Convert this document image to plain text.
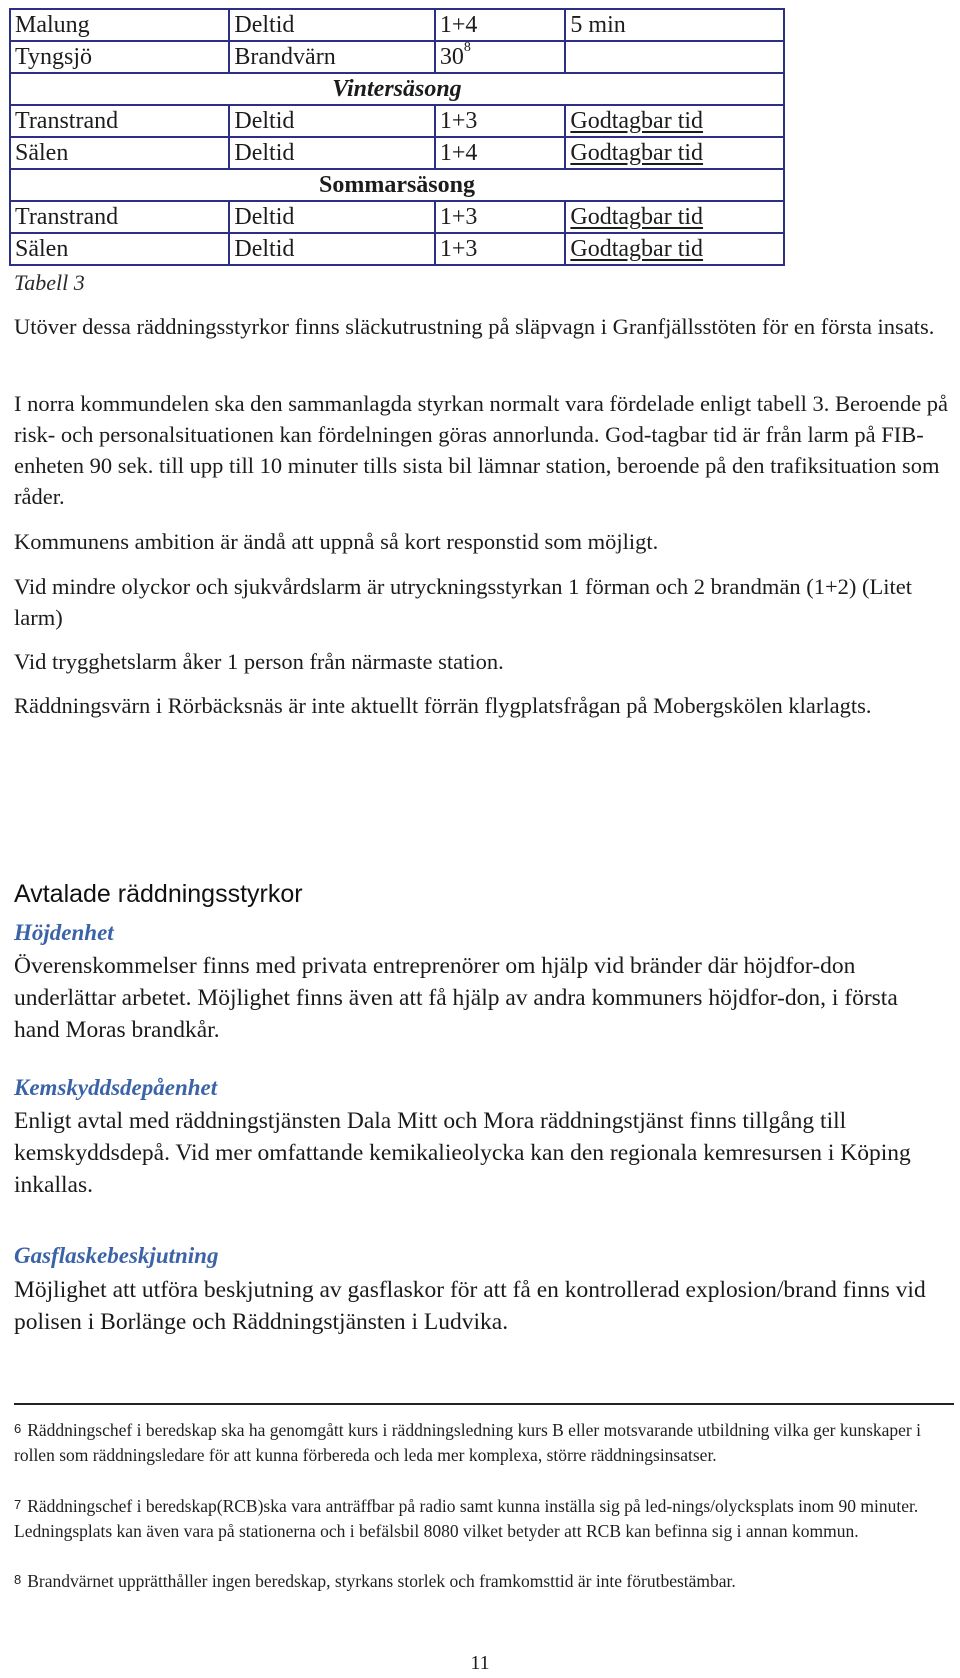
Malung	Deltid	1+4	5 min
Tyngsjö	Brandvärn	$30^8$	
Vintersäsong			
Transtrand	Deltid	1+3	Godtagbar tid
Sälen	Deltid	1+4	Godtagbar tid
Sommarsäsong			
Transtrand	Deltid	1+3	Godtagbar tid
Sälen	Deltid	1+3	Godtagbar tid
Tabell 3

Utöver dessa räddningsstyrkor finns släckutrustning på släpvagn i Granfjällsstöten för en första insats.

I norra kommundelen ska den sammanlagda styrkan normalt vara fördelade enligt tabell 3. Beroende på risk- och personalsituationen kan fördelningen göras annorlunda. God-tagbar tid är från larm på FIB-enheten 90 sek. till upp till 10 minuter tills sista bil lämnar station, beroende på den trafiksituation som råder.

Kommunens ambition är ändå att uppnå så kort responstid som möjligt.

Vid mindre olyckor och sjukvårdslarm är utryckningsstyrkan 1 förman och 2 brandmän (1+2) (Litet larm)

Vid trygghetslarm åker 1 person från närmaste station.

Räddningsvärn i Rörbäcksnäs är inte aktuellt förrän flygplatsfrågan på Mobergskölen klarlagts.

Avtalade räddningsstyrkor
Höjdenhet

Överenskommelser finns med privata entreprenörer om hjälp vid bränder där höjdfor-don underlättar arbetet. Möjlighet finns även att få hjälp av andra kommuners höjdfor-don, i första hand Moras brandkår.

Kemskyddsdepåenhet

Enligt avtal med räddningstjänsten Dala Mitt och Mora räddningstjänst finns tillgång till kemskyddsdepå. Vid mer omfattande kemikalieolycka kan den regionala kemresursen i Köping inkallas.

Gasflaskebeskjutning

Möjlighet att utföra beskjutning av gasflaskor för att få en kontrollerad explosion/brand finns vid polisen i Borlänge och Räddningstjänsten i Ludvika.

6 Räddningschef i beredskap ska ha genomgått kurs i räddningsledning kurs B eller motsvarande utbildning vilka ger kunskaper i rollen som räddningsledare för att kunna förbereda och leda mer komplexa, större räddningsinsatser.

7 Räddningschef i beredskap(RCB)ska vara anträffbar på radio samt kunna inställa sig på led-nings/olycksplats inom 90 minuter. Ledningsplats kan även vara på stationerna och i befälsbil 8080 vilket betyder att RCB kan befinna sig i annan kommun.

8 Brandvärnet upprätthåller ingen beredskap, styrkans storlek och framkomsttid är inte förutbestämbar.

11
